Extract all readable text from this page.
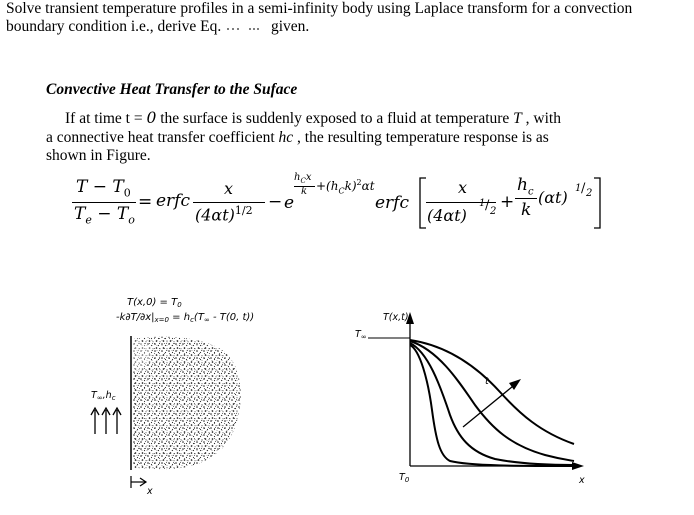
Solve transient temperature profiles in a semi-infinity body using Laplace transform for a convection boundary condition i.e., derive Eq.	given.
Convective Heat Transfer to the Suface
If at time t = 0 the surface is suddenly exposed to a fluid at temperature T , with
a connective heat transfer coefficient hc , the resulting temperature response is as
shown in Figure.
$T - T_0$
$T_e - T_o$
= erfc
x
$(4\alpha t)^{1/2} - e$
$h_Cx$
$k +(h_Ck)^2\alpha t$
erfc
x
(4αt)
1 / 2 +
$h_c$
k
(αt) 1 / 2
$T(x,0) = T_0$
$-k\partial T/\partial x|_{x=0} = h_c(T_\infty - T(0$, t))
$T_\infty,h_c$
x
T(x,t)
$T_\infty$
$T_0$	x
t
